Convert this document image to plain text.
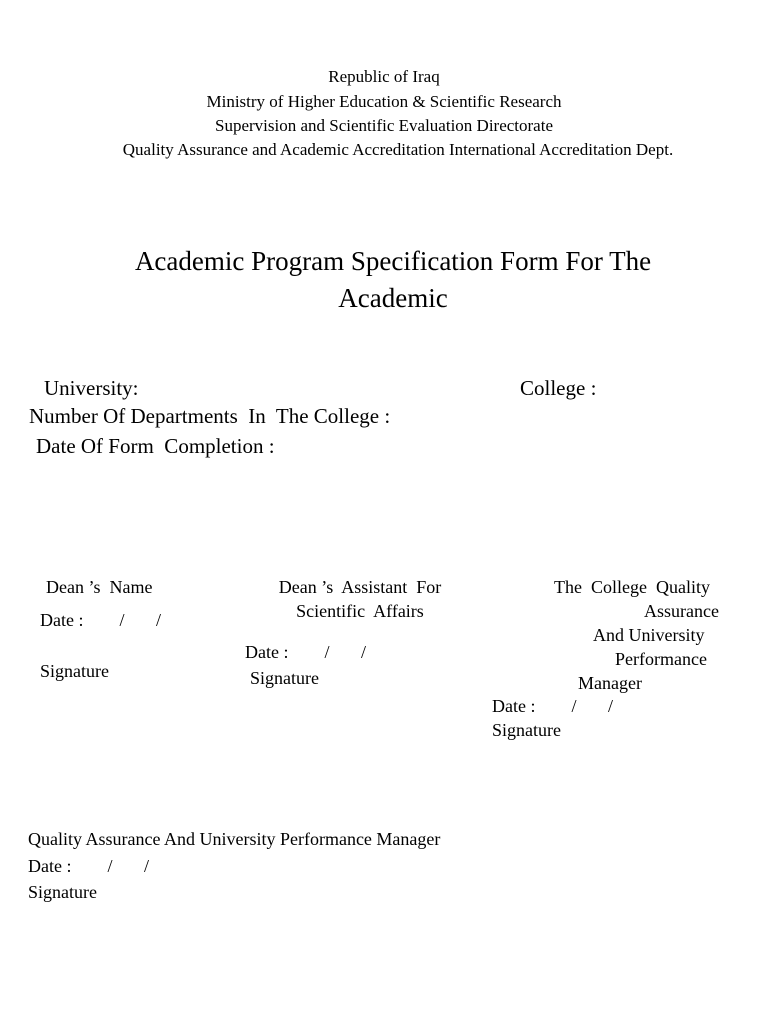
Republic of Iraq
Ministry of Higher Education & Scientific Research
Supervision and Scientific Evaluation Directorate
Quality Assurance and Academic Accreditation International Accreditation Dept.
Academic Program Specification Form For The
Academic
University:	College :
Number Of Departments  In  The College :
Date Of Form  Completion :
Dean ’s  Name
Date :        /       /
Signature
Dean ’s  Assistant  For
Scientific  Affairs
Date :        /       /
Signature
The  College  Quality
Assurance
And University
Performance
Manager
Date :        /       /
Signature
Quality Assurance And University Performance Manager
Date :        /       /
Signature
